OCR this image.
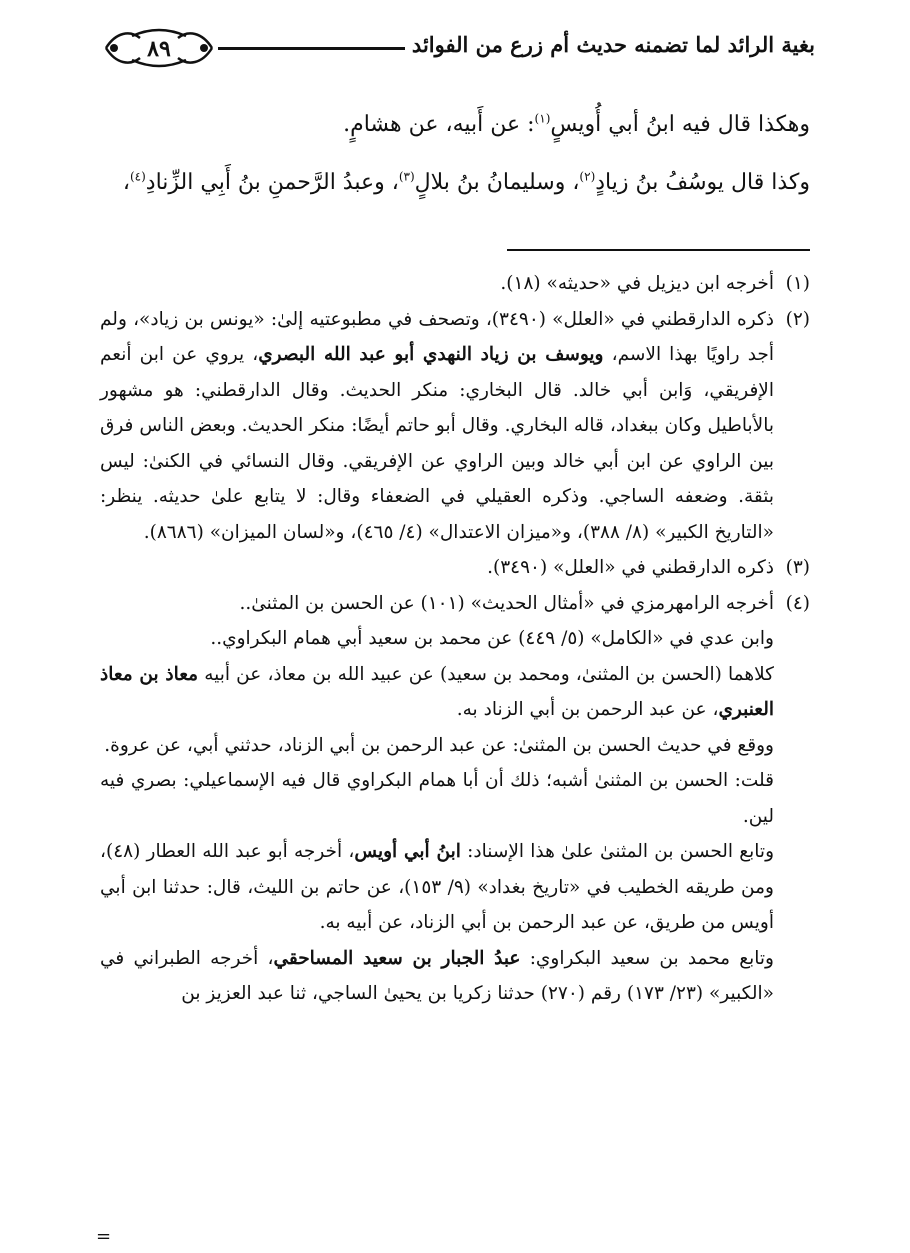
٨٩	بغية الرائد لما تضمنه حديث أم زرع من الفوائد

وهكذا قال فيه ابنُ أبي أُويسٍ$^{(١)}$: عن أَبيه، عن هشامٍ.

وكذا قال يوسُفُ بنُ زيادٍ$^{(٢)}$، وسليمانُ بنُ بلالٍ$^{(٣)}$، وعبدُ الرَّحمنِ بنُ أَبِي الزِّنادِ$^{(٤)}$،

(١)

أخرجه ابن ديزيل في «حديثه» (١٨).

(٢)

ذكره الدارقطني في «العلل» (٣٤٩٠)، وتصحف في مطبوعتيه إلىٰ: «يونس بن زياد»، ولم أجد راويًا بهذا الاسم، ويوسف بن زياد النهدي أبو عبد الله البصري، يروي عن ابن أنعم الإفريقي، وَابن أبي خالد. قال البخاري: منكر الحديث. وقال الدارقطني: هو مشهور بالأباطيل وكان ببغداد، قاله البخاري. وقال أبو حاتم أيضًا: منكر الحديث. وبعض الناس فرق بين الراوي عن ابن أبي خالد وبين الراوي عن الإفريقي. وقال النسائي في الكنىٰ: ليس بثقة. وضعفه الساجي. وذكره العقيلي في الضعفاء وقال: لا يتابع علىٰ حديثه. ينظر: «التاريخ الكبير» (٨/ ٣٨٨)، و«ميزان الاعتدال» (٤/ ٤٦٥)، و«لسان الميزان» (٨٦٨٦).

(٣)

ذكره الدارقطني في «العلل» (٣٤٩٠).

(٤)

أخرجه الرامهرمزي في «أمثال الحديث» (١٠١) عن الحسن بن المثنىٰ..

وابن عدي في «الكامل» (٥/ ٤٤٩) عن محمد بن سعيد أبي همام البكراوي..

كلاهما (الحسن بن المثنىٰ، ومحمد بن سعيد) عن عبيد الله بن معاذ، عن أبيه معاذ بن معاذ العنبري، عن عبد الرحمن بن أبي الزناد به.

ووقع في حديث الحسن بن المثنىٰ: عن عبد الرحمن بن أبي الزناد، حدثني أبي، عن عروة.

قلت: الحسن بن المثنىٰ أشبه؛ ذلك أن أبا همام البكراوي قال فيه الإسماعيلي: بصري فيه لين.

وتابع الحسن بن المثنىٰ علىٰ هذا الإسناد: ابنُ أبي أويس، أخرجه أبو عبد الله العطار (٤٨)، ومن طريقه الخطيب في «تاريخ بغداد» (٩/ ١٥٣)، عن حاتم بن الليث، قال: حدثنا ابن أبي أويس من طريق، عن عبد الرحمن بن أبي الزناد، عن أبيه به.

وتابع محمد بن سعيد البكراوي: عبدُ الجبار بن سعيد المساحقي، أخرجه الطبراني في «الكبير» (٢٣/ ١٧٣) رقم (٢٧٠) حدثنا زكريا بن يحيىٰ الساجي، ثنا عبد العزيز بن

=
